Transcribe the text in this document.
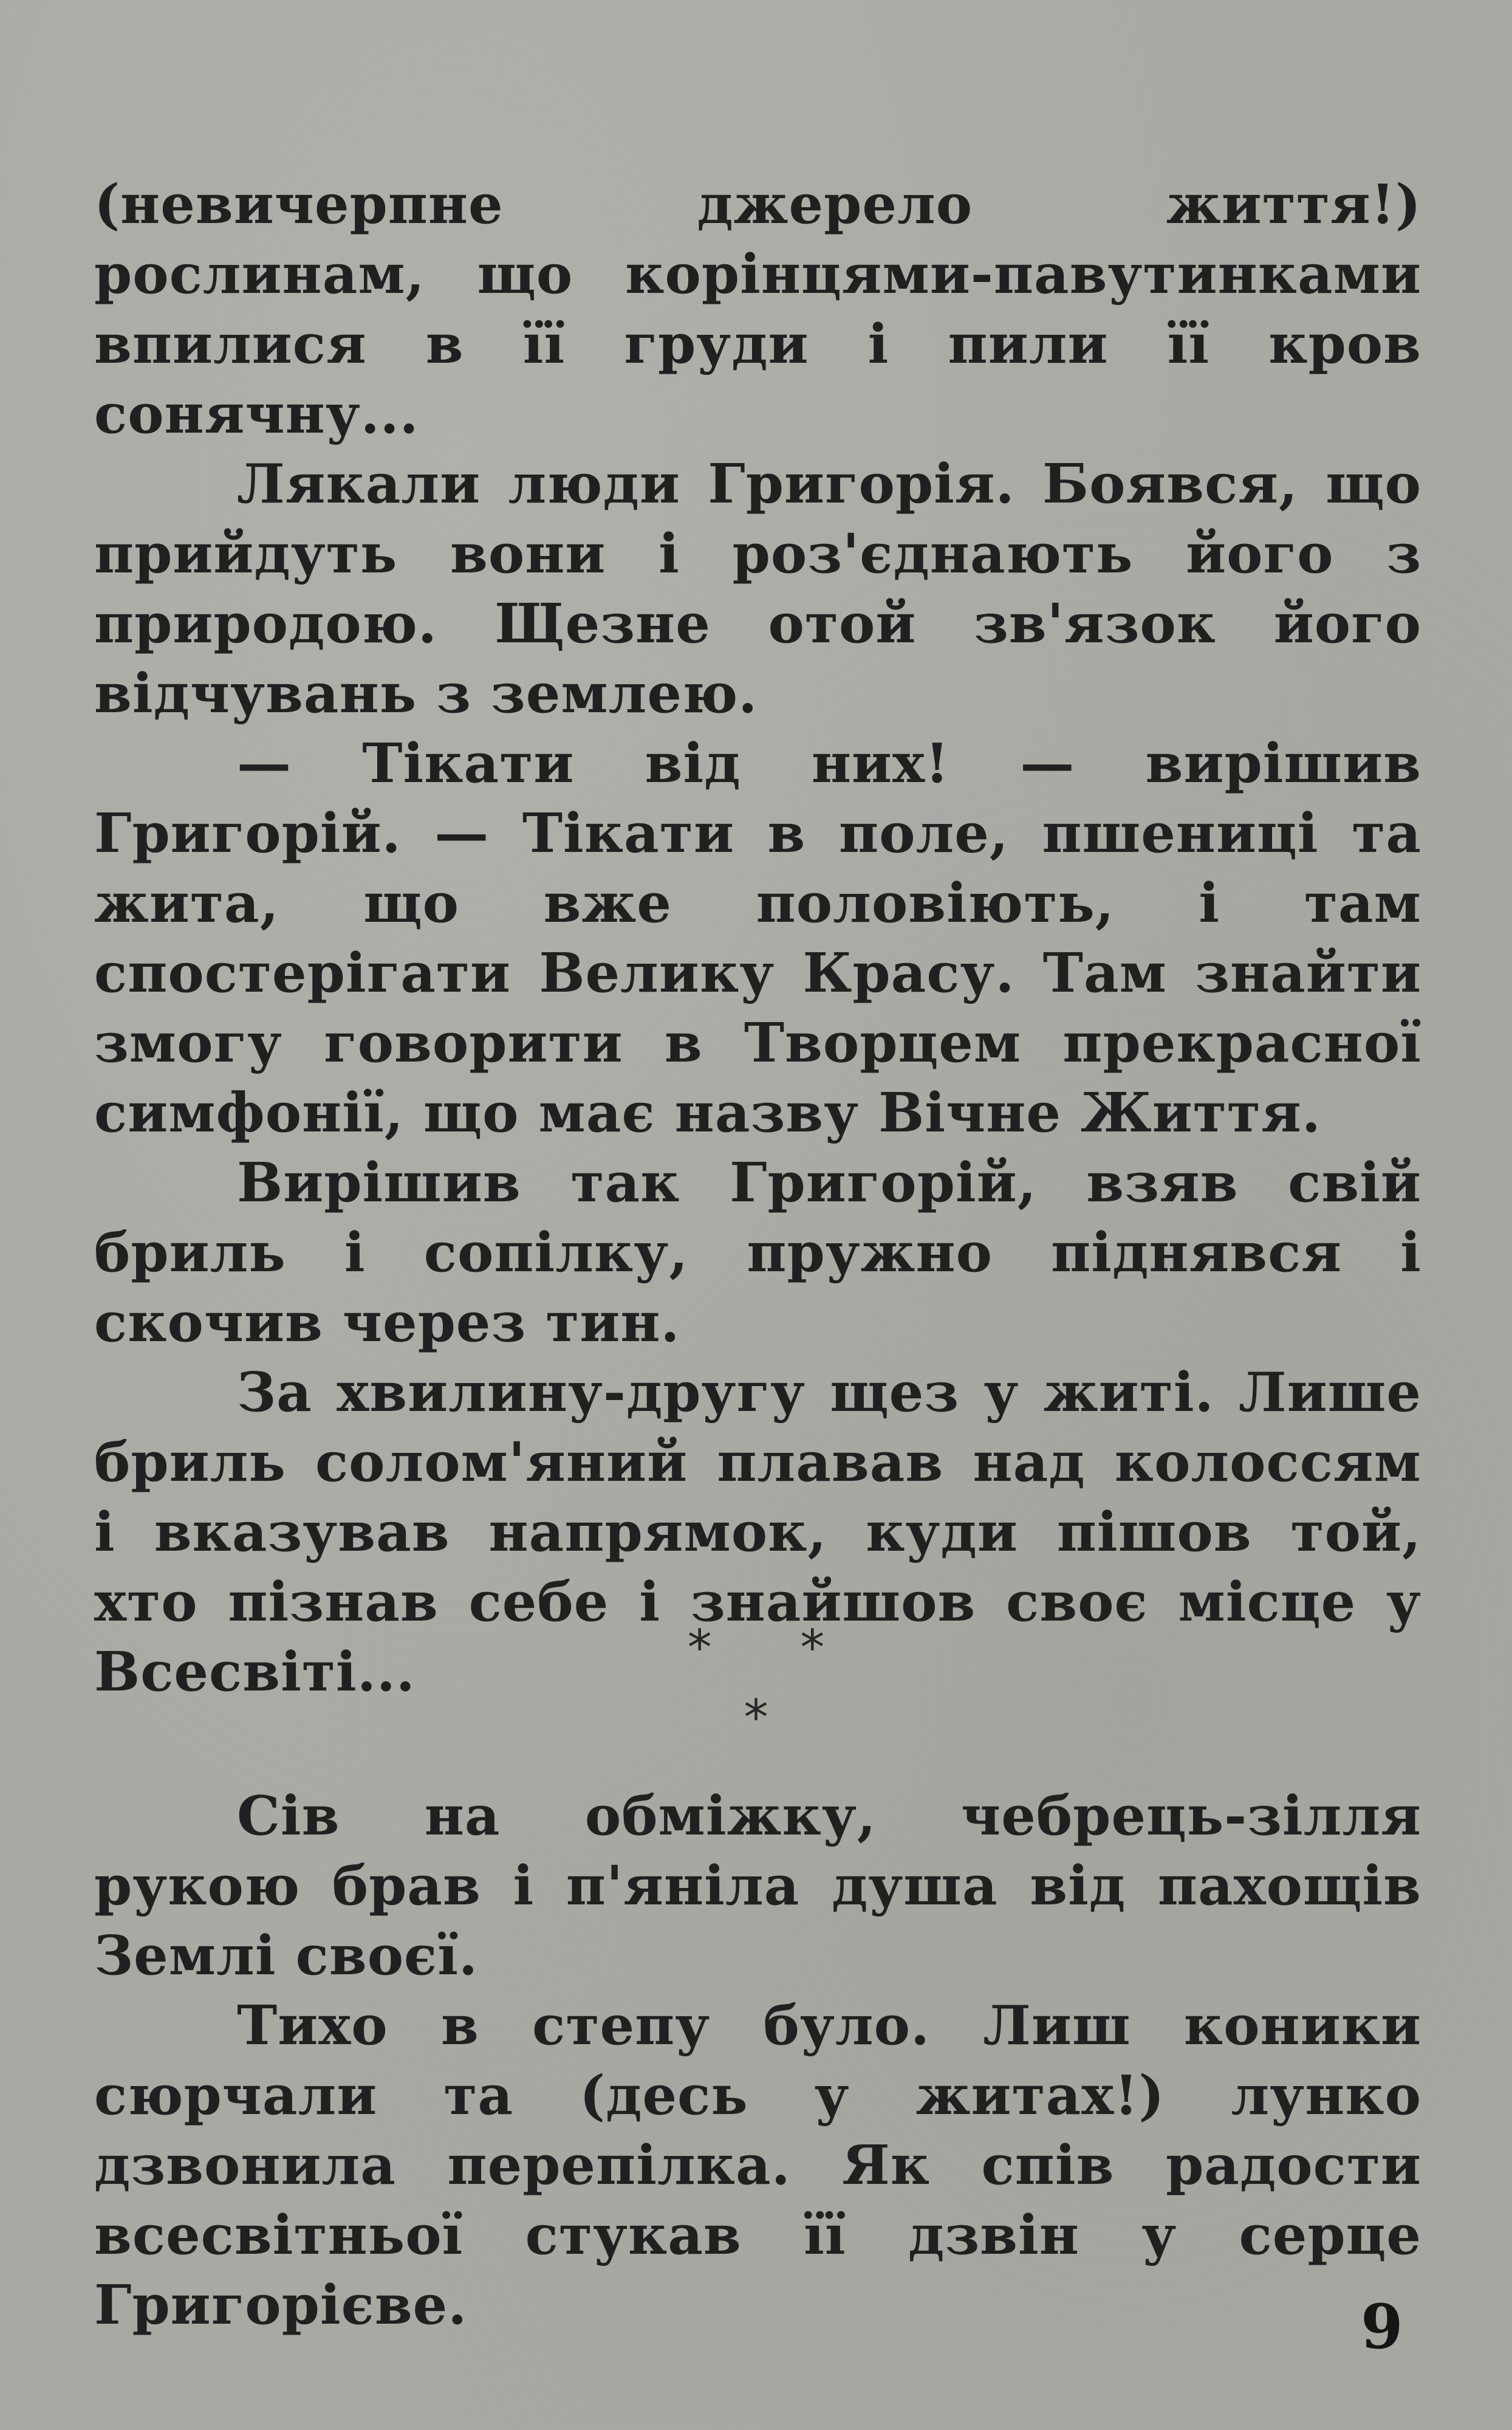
(невичерпне джерело життя!) рослинам, що корінцями-павутинками впилися в її груди і пили її кров сонячну...

Лякали люди Григорія. Боявся, що прийдуть вони і роз'єднають його з природою. Щезне отой зв'язок його відчувань з землею.

— Тікати від них! — вирішив Григорій. — Тікати в поле, пшениці та жита, що вже половіють, і там спостерігати Велику Красу. Там знайти змогу говорити в Творцем прекрасної симфонії, що має назву Вічне Життя.

Вирішив так Григорій, взяв свій бриль і сопілку, пружно піднявся і скочив через тин.

За хвилину-другу щез у житі. Лише бриль солом'яний плавав над колоссям і вказував напрямок, куди пішов той, хто пізнав себе і знайшов своє місце у Всесвіті...	* *
*

Сів на обміжку, чебрець-зілля рукою брав і п'яніла душа від пахощів Землі своєї.

Тихо в степу було. Лиш коники сюрчали та (десь у житах!) лунко дзвонила перепілка. Як спів радости всесвітньої стукав її дзвін у серце Григорієве.	9
